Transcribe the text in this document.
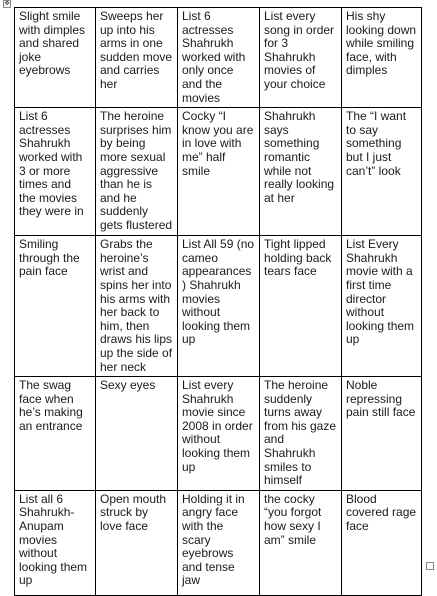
✥
Slight smile with dimples and shared joke eyebrows	Sweeps her up into his arms in one sudden move and carries her	List 6 actresses Shahrukh worked with only once and the movies	List every song in order for 3 Shahrukh movies of your choice	His shy looking down while smiling face, with dimples
List 6 actresses Shahrukh worked with 3 or more times and the movies they were in	The heroine surprises him by being more sexual aggressive than he is and he suddenly gets flustered	Cocky “I know you are in love with me” half smile	Shahrukh says something romantic while not really looking at her	The “I want to say something but I just can’t” look
Smiling through the pain face	Grabs the heroine’s wrist and spins her into his arms with her back to him, then draws his lips up the side of her neck	List All 59 (no cameo appearances) Shahrukh movies without looking them up	Tight lipped holding back tears face	List Every Shahrukh movie with a first time director without looking them up
The swag face when he’s making an entrance	Sexy eyes	List every Shahrukh movie since 2008 in order without looking them up	The heroine suddenly turns away from his gaze and Shahrukh smiles to himself	Noble repressing pain still face
List all 6 Shahrukh-Anupam movies without looking them up	Open mouth struck by love face	Holding it in angry face with the scary eyebrows and tense jaw	the cocky “you forgot how sexy I am” smile	Blood covered rage face
